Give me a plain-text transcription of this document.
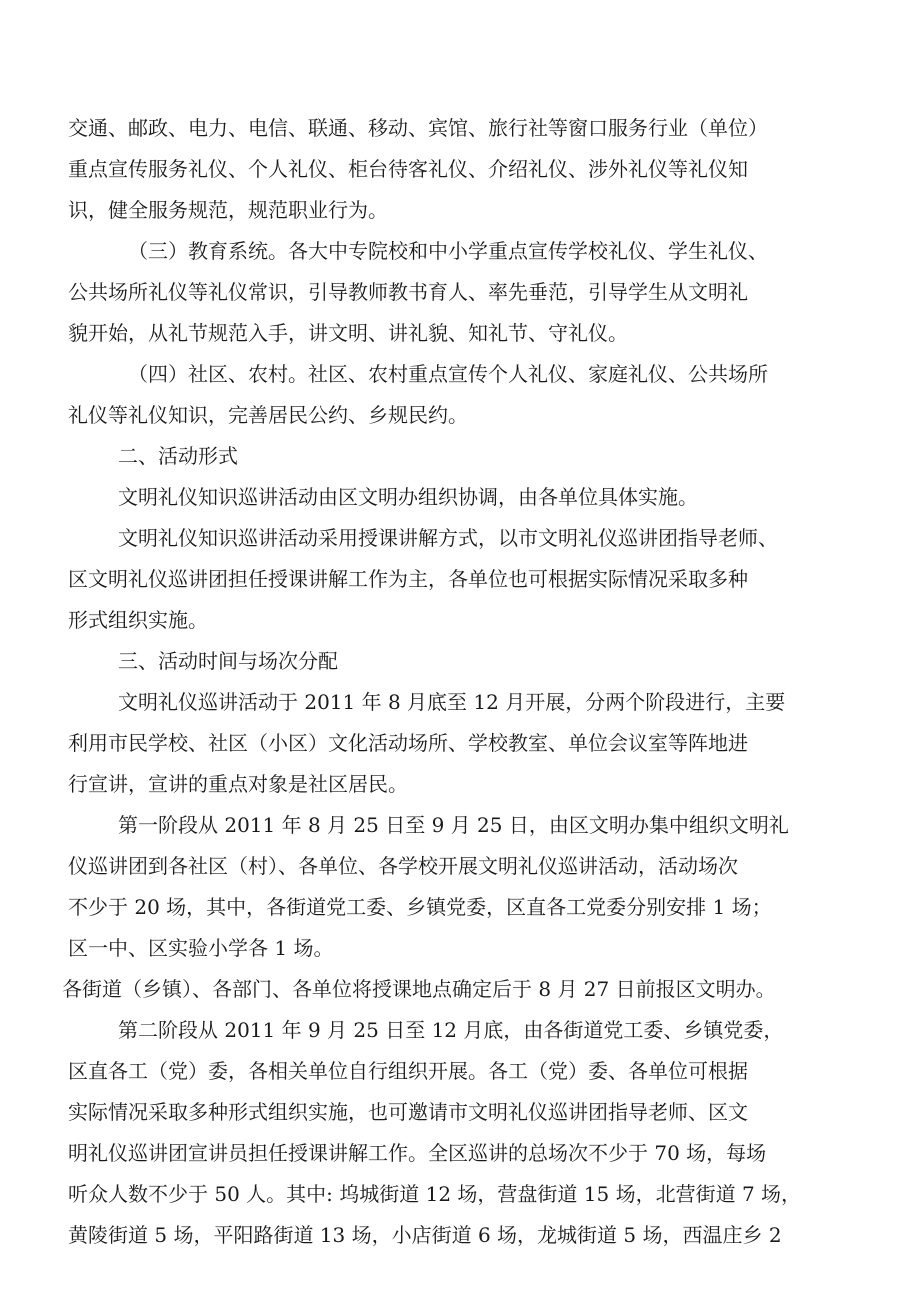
交通、邮政、电力、电信、联通、移动、宾馆、旅行社等窗口服务行业（单位）

重点宣传服务礼仪、个人礼仪、柜台待客礼仪、介绍礼仪、涉外礼仪等礼仪知

识，健全服务规范，规范职业行为。

（三）教育系统。各大中专院校和中小学重点宣传学校礼仪、学生礼仪、

公共场所礼仪等礼仪常识，引导教师教书育人、率先垂范，引导学生从文明礼

貌开始，从礼节规范入手，讲文明、讲礼貌、知礼节、守礼仪。

（四）社区、农村。社区、农村重点宣传个人礼仪、家庭礼仪、公共场所

礼仪等礼仪知识，完善居民公约、乡规民约。

二、活动形式

文明礼仪知识巡讲活动由区文明办组织协调，由各单位具体实施。

文明礼仪知识巡讲活动采用授课讲解方式，以市文明礼仪巡讲团指导老师、

区文明礼仪巡讲团担任授课讲解工作为主，各单位也可根据实际情况采取多种

形式组织实施。

三、活动时间与场次分配

文明礼仪巡讲活动于 2011 年 8 月底至 12 月开展，分两个阶段进行，主要

利用市民学校、社区（小区）文化活动场所、学校教室、单位会议室等阵地进

行宣讲，宣讲的重点对象是社区居民。

第一阶段从 2011 年 8 月 25 日至 9 月 25 日，由区文明办集中组织文明礼

仪巡讲团到各社区（村）、各单位、各学校开展文明礼仪巡讲活动，活动场次

不少于 20 场，其中，各街道党工委、乡镇党委，区直各工党委分别安排 1 场；

区一中、区实验小学各 1 场。

各街道（乡镇）、各部门、各单位将授课地点确定后于 8 月 27 日前报区文明办。

第二阶段从 2011 年 9 月 25 日至 12 月底，由各街道党工委、乡镇党委，

区直各工（党）委，各相关单位自行组织开展。各工（党）委、各单位可根据

实际情况采取多种形式组织实施，也可邀请市文明礼仪巡讲团指导老师、区文

明礼仪巡讲团宣讲员担任授课讲解工作。全区巡讲的总场次不少于 70 场，每场

听众人数不少于 50 人。其中: 坞城街道 12 场，营盘街道 15 场，北营街道 7 场，

黄陵街道 5 场，平阳路街道 13 场，小店街道 6 场，龙城街道 5 场，西温庄乡 2
